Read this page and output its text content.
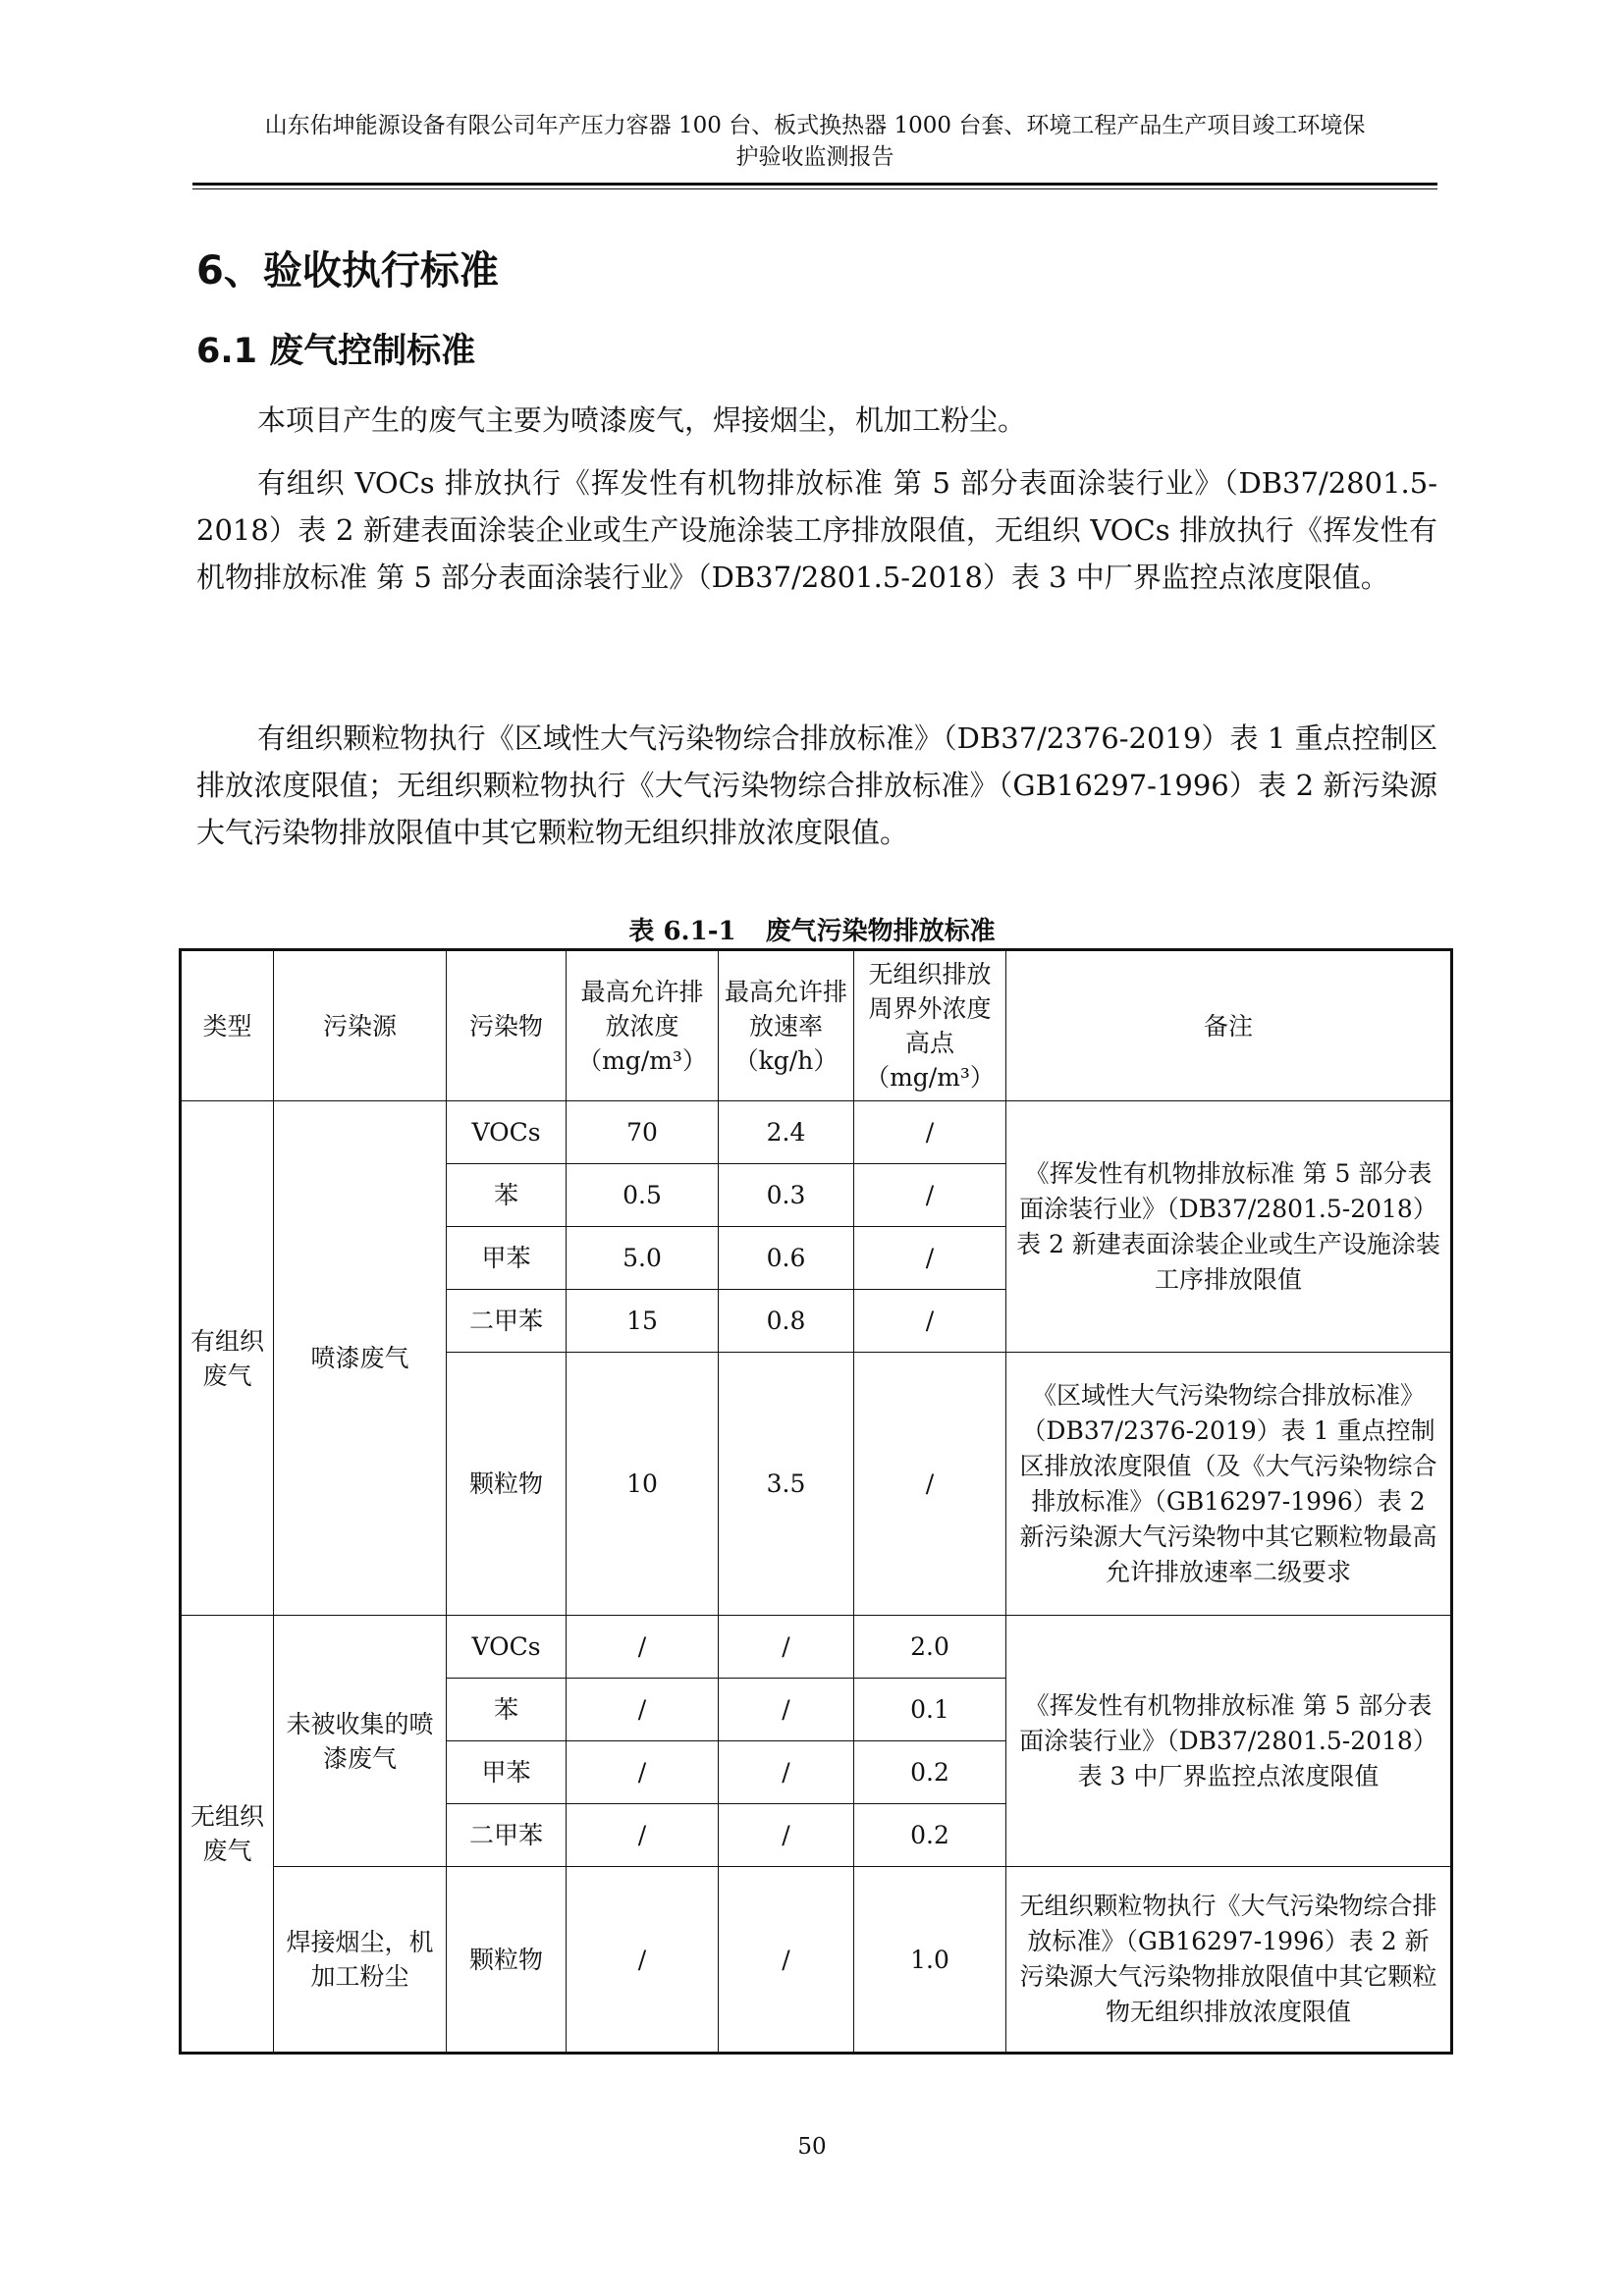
山东佑坤能源设备有限公司年产压力容器 100 台、板式换热器 1000 台套、环境工程产品生产项目竣工环境保
护验收监测报告
6、验收执行标准
6.1 废气控制标准
本项目产生的废气主要为喷漆废气，焊接烟尘，机加工粉尘。
有组织 VOCs 排放执行《挥发性有机物排放标准 第 5 部分表面涂装行业》（DB37/2801.5-2018）表 2 新建表面涂装企业或生产设施涂装工序排放限值，无组织 VOCs 排放执行《挥发性有机物排放标准 第 5 部分表面涂装行业》（DB37/2801.5-2018）表 3 中厂界监控点浓度限值。
有组织颗粒物执行《区域性大气污染物综合排放标准》（DB37/2376-2019）表 1 重点控制区排放浓度限值；无组织颗粒物执行《大气污染物综合排放标准》（GB16297-1996）表 2 新污染源大气污染物排放限值中其它颗粒物无组织排放浓度限值。
表 6.1-1 废气污染物排放标准
类型	污染源	污染物	最高允许排放浓度（mg/m³）	最高允许排放速率（kg/h）	无组织排放周界外浓度高点（mg/m³）	备注
有组织废气	喷漆废气	VOCs	70	2.4	/	《挥发性有机物排放标准 第 5 部分表面涂装行业》（DB37/2801.5-2018）表 2 新建表面涂装企业或生产设施涂装工序排放限值
		苯	0.5	0.3	/	
		甲苯	5.0	0.6	/	
		二甲苯	15	0.8	/	
		颗粒物	10	3.5	/	《区域性大气污染物综合排放标准》（DB37/2376-2019）表 1 重点控制区排放浓度限值（及《大气污染物综合排放标准》（GB16297-1996）表 2 新污染源大气污染物中其它颗粒物最高允许排放速率二级要求
无组织废气	未被收集的喷漆废气	VOCs	/	/	2.0	《挥发性有机物排放标准 第 5 部分表面涂装行业》（DB37/2801.5-2018）表 3 中厂界监控点浓度限值
		苯	/	/	0.1	
		甲苯	/	/	0.2	
		二甲苯	/	/	0.2	
	焊接烟尘，机加工粉尘	颗粒物	/	/	1.0	无组织颗粒物执行《大气污染物综合排放标准》（GB16297-1996）表 2 新污染源大气污染物排放限值中其它颗粒物无组织排放浓度限值
50
